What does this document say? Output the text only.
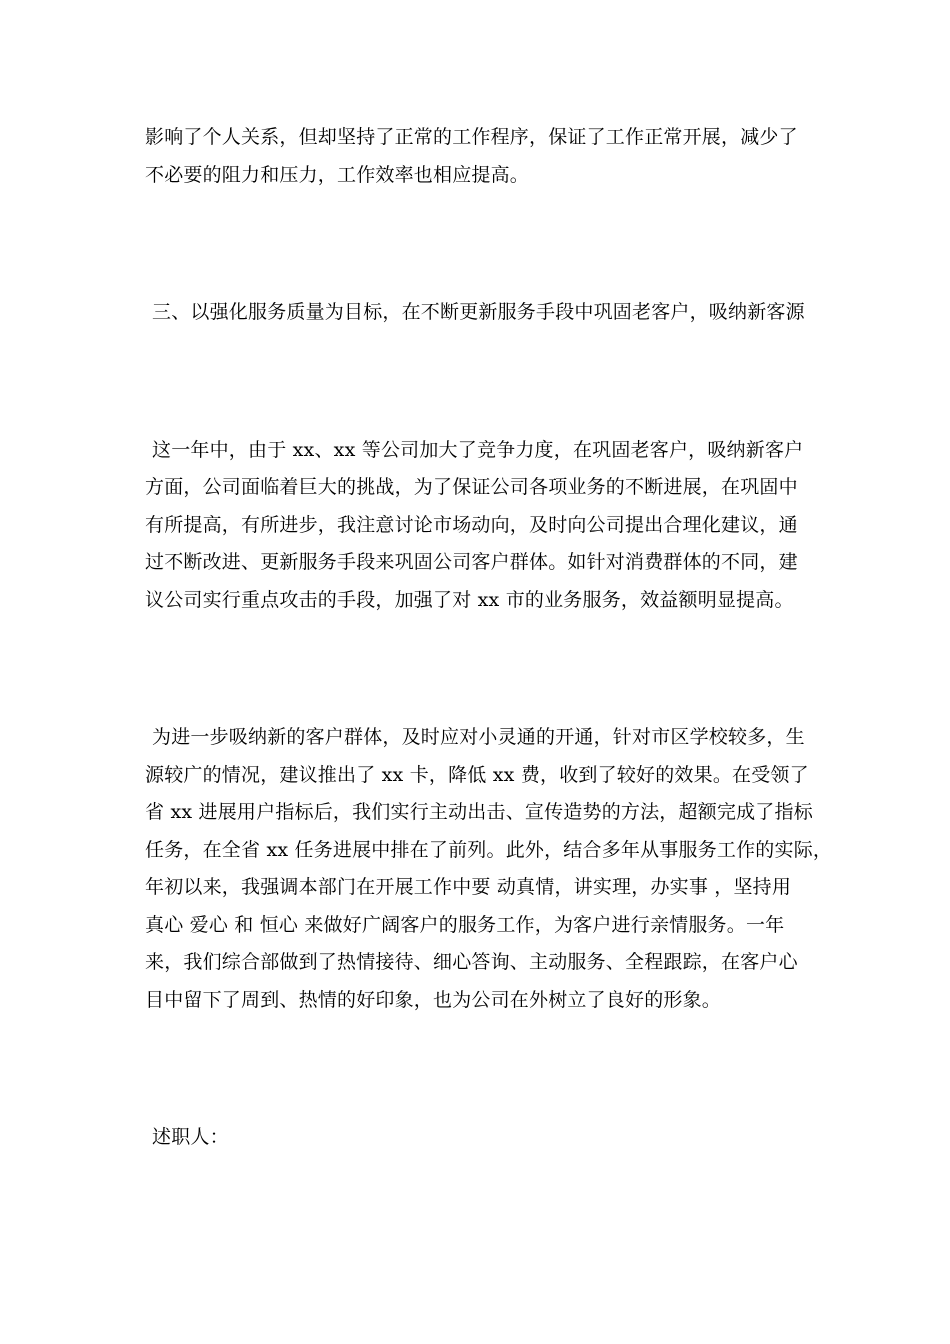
影响了个人关系，但却坚持了正常的工作程序，保证了工作正常开展，减少了
不必要的阻力和压力，工作效率也相应提高。
三、以强化服务质量为目标，在不断更新服务手段中巩固老客户，吸纳新客源
这一年中，由于 xx、xx 等公司加大了竞争力度，在巩固老客户，吸纳新客户
方面，公司面临着巨大的挑战，为了保证公司各项业务的不断进展，在巩固中
有所提高，有所进步，我注意讨论市场动向，及时向公司提出合理化建议，通
过不断改进、更新服务手段来巩固公司客户群体。如针对消费群体的不同，建
议公司实行重点攻击的手段，加强了对 xx 市的业务服务，效益额明显提高。
为进一步吸纳新的客户群体，及时应对小灵通的开通，针对市区学校较多，生
源较广的情况，建议推出了 xx 卡，降低 xx 费，收到了较好的效果。在受领了
省 xx 进展用户指标后，我们实行主动出击、宣传造势的方法，超额完成了指标
任务，在全省 xx 任务进展中排在了前列。此外，结合多年从事服务工作的实际，
年初以来，我强调本部门在开展工作中要 动真情，讲实理，办实事 ，坚持用
真心 爱心 和 恒心 来做好广阔客户的服务工作，为客户进行亲情服务。一年
来，我们综合部做到了热情接待、细心答询、主动服务、全程跟踪，在客户心
目中留下了周到、热情的好印象，也为公司在外树立了良好的形象。
述职人：
